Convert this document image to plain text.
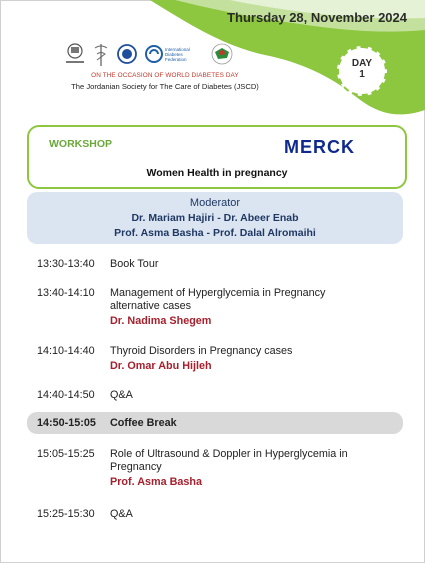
Thursday 28, November 2024
International
Diabetes
Federation
ON THE OCCASION OF WORLD DIABETES DAY
The Jordanian Society for The Care of Diabetes (JSCD)
DAY
1
WORKSHOP	MERCK
Women Health in pregnancy
Moderator
Dr. Mariam Hajiri - Dr. Abeer Enab
Prof. Asma Basha - Prof. Dalal Alromaihi
13:30-13:40	Book Tour
13:40-14:10	Management of Hyperglycemia in Pregnancy alternative cases
Dr. Nadima Shegem
14:10-14:40	Thyroid Disorders in Pregnancy cases
Dr. Omar Abu Hijleh
14:40-14:50	Q&A
14:50-15:05 Coffee Break
15:05-15:25	Role of Ultrasound & Doppler in Hyperglycemia in Pregnancy
Prof. Asma Basha
15:25-15:30	Q&A
